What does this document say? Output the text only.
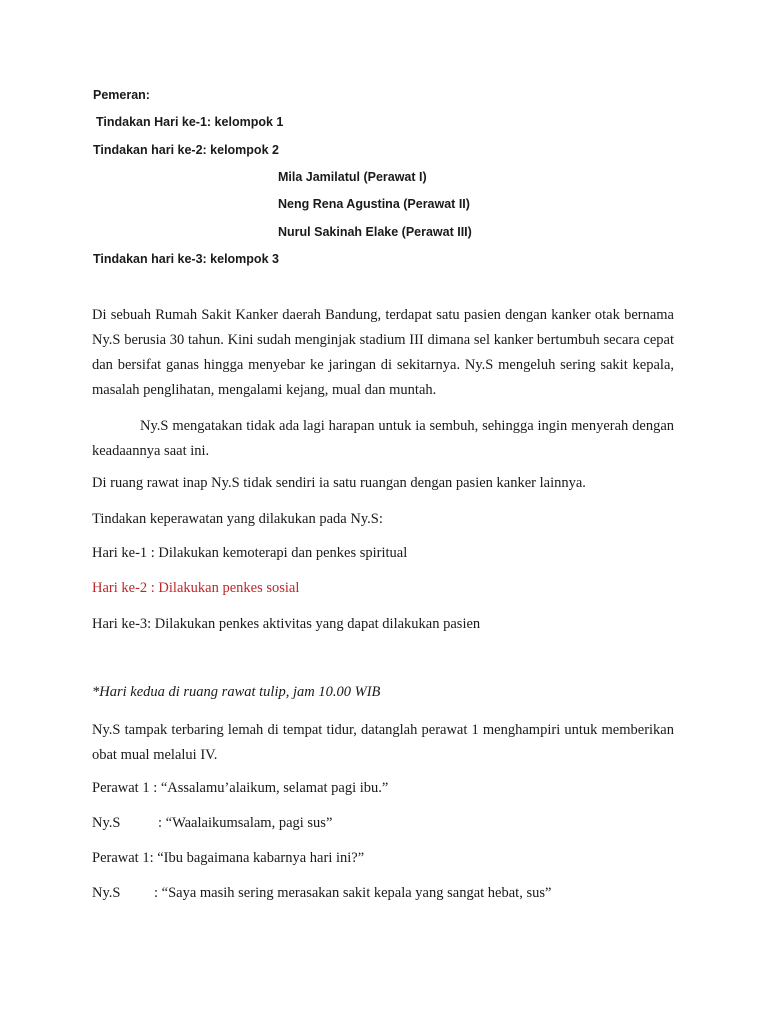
Pemeran:
Tindakan Hari ke-1: kelompok 1
Tindakan hari ke-2: kelompok 2
Mila Jamilatul (Perawat I)
Neng Rena Agustina (Perawat II)
Nurul Sakinah Elake (Perawat III)
Tindakan hari ke-3: kelompok 3
Di sebuah Rumah Sakit Kanker daerah Bandung, terdapat satu pasien dengan kanker otak bernama Ny.S berusia 30 tahun. Kini sudah menginjak stadium III dimana sel kanker bertumbuh secara cepat dan bersifat ganas hingga menyebar ke jaringan di sekitarnya. Ny.S mengeluh sering sakit kepala, masalah penglihatan, mengalami kejang, mual dan muntah.
Ny.S mengatakan tidak ada lagi harapan untuk ia sembuh, sehingga ingin menyerah dengan keadaannya saat ini.
Di ruang rawat inap Ny.S tidak sendiri ia satu ruangan dengan pasien kanker lainnya.
Tindakan keperawatan yang dilakukan pada Ny.S:
Hari ke-1 : Dilakukan kemoterapi dan penkes spiritual
Hari ke-2 : Dilakukan penkes sosial
Hari ke-3: Dilakukan penkes aktivitas yang dapat dilakukan pasien
*Hari kedua di ruang rawat tulip, jam 10.00 WIB
Ny.S tampak terbaring lemah di tempat tidur, datanglah perawat 1 menghampiri untuk memberikan obat mual melalui IV.
Perawat 1 : “Assalamu’alaikum, selamat pagi ibu.”
Ny.S	: “Waalaikumsalam, pagi sus”
Perawat 1: “Ibu bagaimana kabarnya hari ini?”
Ny.S : “Saya masih sering merasakan sakit kepala yang sangat hebat, sus”
